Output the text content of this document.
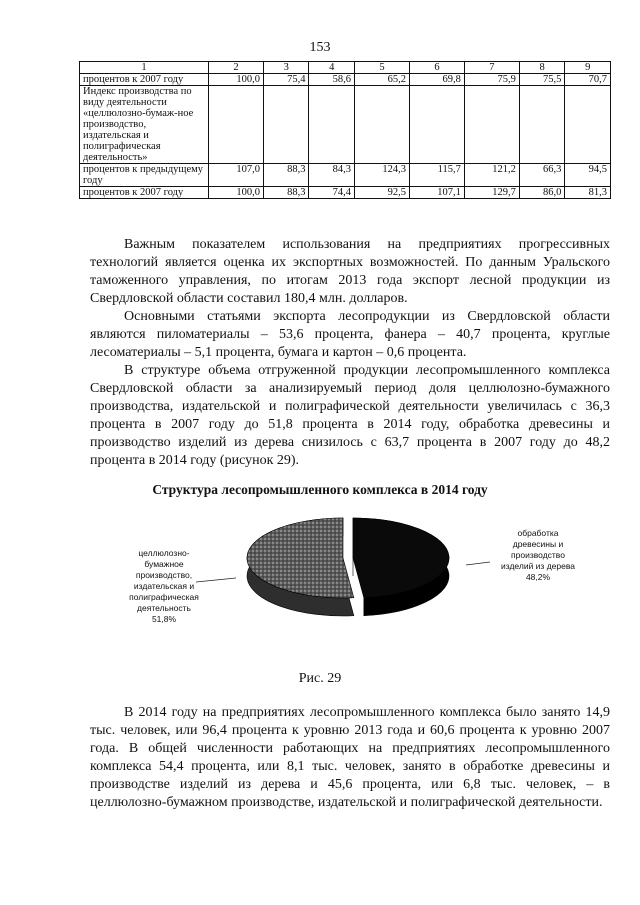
153
1	2	3	4	5	6	7	8	9
процентов к 2007 году	100,0	75,4	58,6	65,2	69,8	75,9	75,5	70,7
Индекс производства по виду деятельности «целлюлозно-бумаж-ное производство, издательская и полиграфическая деятельность»								
процентов к предыдущему году	107,0	88,3	84,3	124,3	115,7	121,2	66,3	94,5
процентов к 2007 году	100,0	88,3	74,4	92,5	107,1	129,7	86,0	81,3

Важным показателем использования на предприятиях прогрессивных технологий является оценка их экспортных возможностей. По данным Уральского таможенного управления, по итогам 2013 года экспорт лесной продукции из Свердловской области составил 180,4 млн. долларов.

Основными статьями экспорта лесопродукции из Свердловской области являются пиломатериалы – 53,6 процента, фанера – 40,7 процента, круглые лесоматериалы – 5,1 процента, бумага и картон – 0,6 процента.

В структуре объема отгруженной продукции лесопромышленного комплекса Свердловской области за анализируемый период доля целлюлозно-бумажного производства, издательской и полиграфической деятельности увеличилась с 36,3 процента в 2007 году до 51,8 процента в 2014 году, обработка древесины и производство изделий из дерева снизилось с 63,7 процента в 2007 году до 48,2 процента в 2014 году (рисунок 29).

Структура лесопромышленного комплекса в 2014 году
целлюлозно-
бумажное
производство,
издательская и
полиграфическая
деятельность
51,8%
обработка
древесины и
производство
изделий из дерева
48,2%
Рис. 29

В 2014 году на предприятиях лесопромышленного комплекса было занято 14,9 тыс. человек, или 96,4 процента к уровню 2013 года и 60,6 процента к уровню 2007 года. В общей численности работающих на предприятиях лесопромышленного комплекса 54,4 процента, или 8,1 тыс. человек, занято в обработке древесины и производстве изделий из дерева и 45,6 процента, или 6,8 тыс. человек, – в целлюлозно-бумажном производстве, издательской и полиграфической деятельности.
